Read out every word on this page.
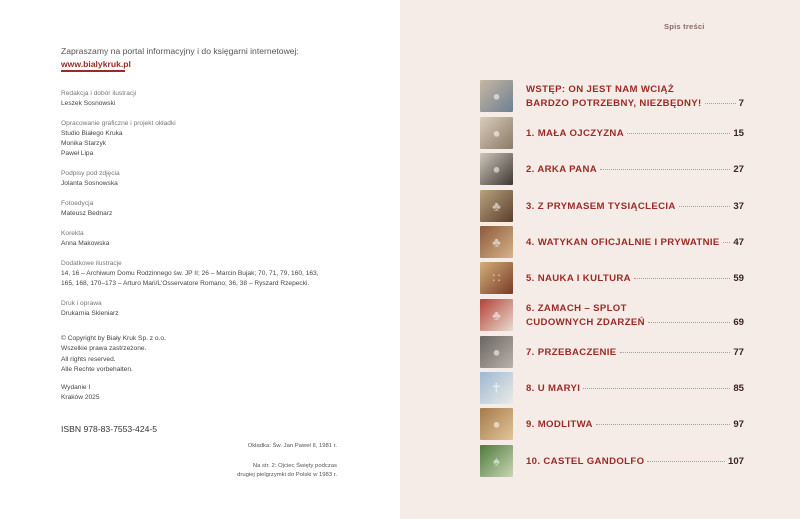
Zapraszamy na portal informacyjny i do księgarni internetowej:
www.bialykruk.pl
Redakcja i dobór ilustracji
Leszek Sosnowski
Opracowanie graficzne i projekt okładki
Studio Białego Kruka
Monika Starzyk
Paweł Lipa
Podpisy pod zdjęcia
Jolanta Sosnowska
Fotoedycja
Mateusz Bednarz
Korekta
Anna Makowska
Dodatkowe ilustracje
14, 16 – Archiwum Domu Rodzinnego św. JP II; 26 – Marcin Bujak; 70, 71, 79, 160, 163,
165, 168, 170–173 – Arturo Mari/L'Osservatore Romano; 36, 38 – Ryszard Rzepecki.
Druk i oprawa
Drukarnia Skleniarz
© Copyright by Biały Kruk Sp. z o.o.
Wszelkie prawa zastrzeżone.
All rights reserved.
Alle Rechte vorbehalten.
Wydanie I
Kraków 2025
ISBN 978-83-7553-424-5
Okładka: Św. Jan Paweł II, 1981 r.
Na str. 2: Ojciec Święty podczas
drugiej pielgrzymki do Polski w 1983 r.
Spis treści
●	WSTĘP: ON JEST NAM WCIĄŻ
BARDZO POTRZEBNY, NIEZBĘDNY!	7
●	1. MAŁA OJCZYZNA	15
●	2. ARKA PANA	27
♣	3. Z PRYMASEM TYSIĄCLECIA	37
♣	4. WATYKAN OFICJALNIE I PRYWATNIE 47
∷	5. NAUKA I KULTURA	59
♣	6. ZAMACH – SPLOT
CUDOWNYCH ZDARZEŃ	69
●	7. PRZEBACZENIE	77
✝	8. U MARYI	85
●	9. MODLITWA	97
♠	10. CASTEL GANDOLFO	107
